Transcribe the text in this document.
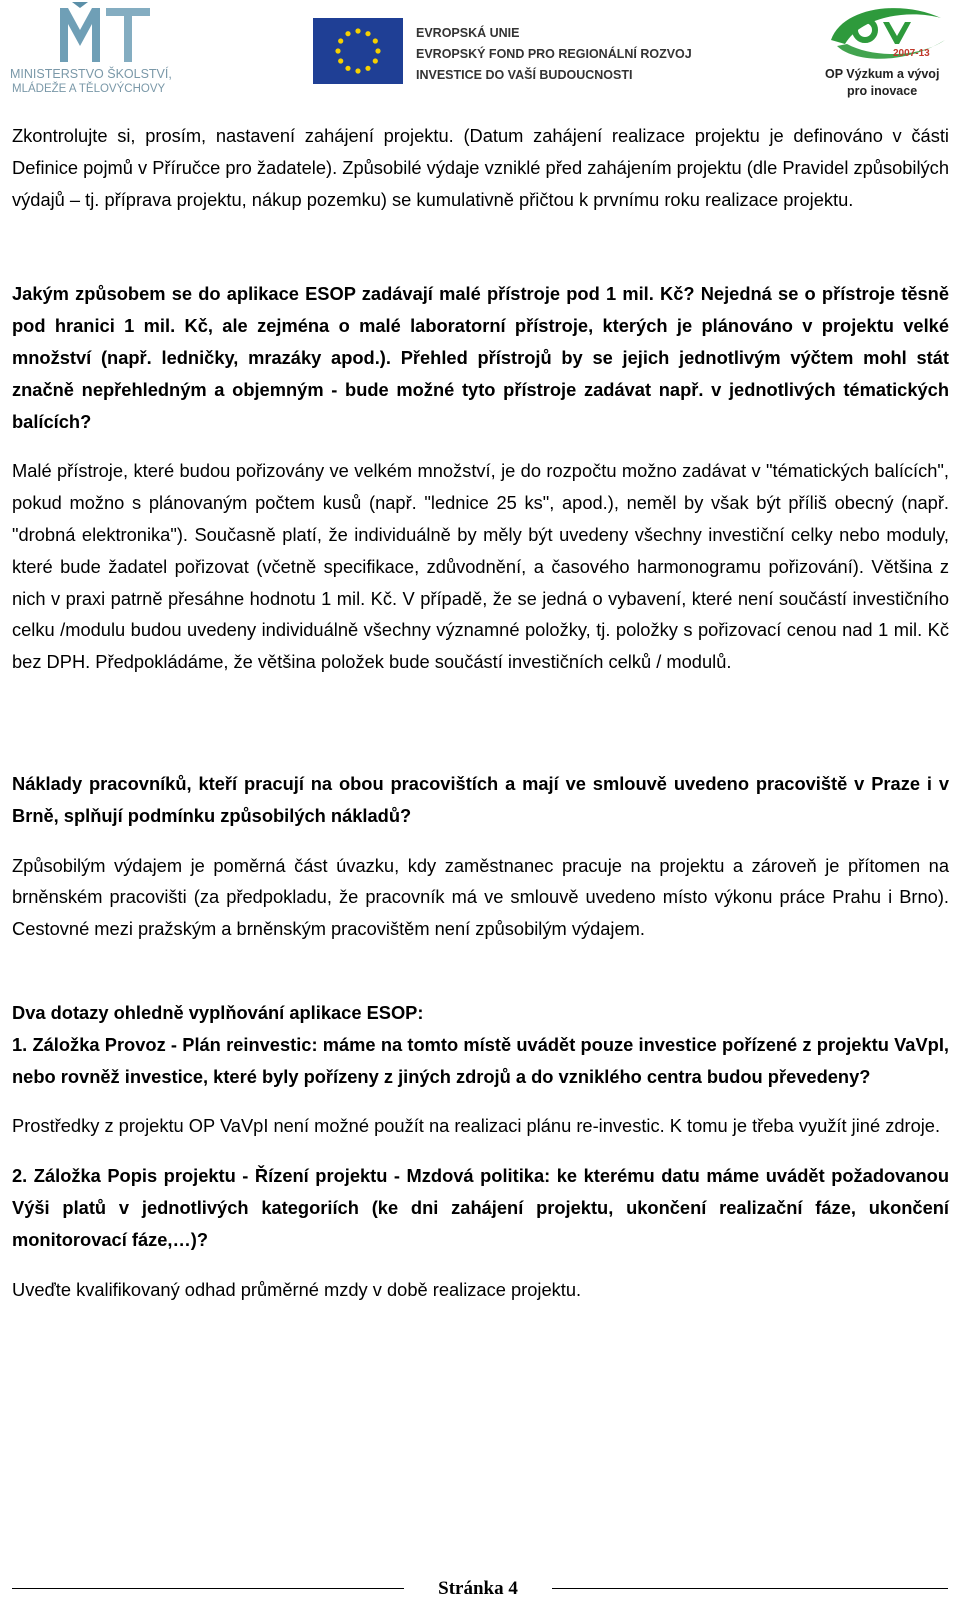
MINISTERSTVO ŠKOLSTVÍ,
MLÁDEŽE A TĚLOVÝCHOVY
EVROPSKÁ UNIE
EVROPSKÝ FOND PRO REGIONÁLNÍ ROZVOJ
INVESTICE DO VAŠÍ BUDOUCNOSTI
2007-13
OP Výzkum a vývoj
pro inovace

Zkontrolujte si, prosím, nastavení zahájení projektu. (Datum zahájení realizace projektu je definováno v části Definice pojmů v Příručce pro žadatele). Způsobilé výdaje vzniklé před zahájením projektu (dle Pravidel způsobilých výdajů – tj. příprava projektu, nákup pozemku) se kumulativně přičtou k prvnímu roku realizace projektu.

Jakým způsobem se do aplikace ESOP zadávají malé přístroje pod 1 mil. Kč? Nejedná se o přístroje těsně pod hranici 1 mil. Kč, ale zejména o malé laboratorní přístroje, kterých je plánováno v projektu velké množství (např. ledničky, mrazáky apod.). Přehled přístrojů by se jejich jednotlivým výčtem mohl stát značně nepřehledným a objemným - bude možné tyto přístroje zadávat např. v jednotlivých tématických balících?

Malé přístroje, které budou pořizovány ve velkém množství, je do rozpočtu možno zadávat v "tématických balících", pokud možno s plánovaným počtem kusů (např. "lednice 25 ks", apod.), neměl by však být příliš obecný (např. "drobná elektronika"). Současně platí, že individuálně by měly být uvedeny všechny investiční celky nebo moduly, které bude žadatel pořizovat (včetně specifikace, zdůvodnění, a časového harmonogramu pořizování). Většina z nich v praxi patrně přesáhne hodnotu 1 mil. Kč. V případě, že se jedná o vybavení, které není součástí investičního celku /modulu budou uvedeny individuálně všechny významné položky, tj. položky s pořizovací cenou nad 1 mil. Kč bez DPH. Předpokládáme, že většina položek bude součástí investičních celků / modulů.

Náklady pracovníků, kteří pracují na obou pracovištích a mají ve smlouvě uvedeno pracoviště v Praze i v Brně, splňují podmínku způsobilých nákladů?

Způsobilým výdajem je poměrná část úvazku, kdy zaměstnanec pracuje na projektu a zároveň je přítomen na brněnském pracovišti (za předpokladu, že pracovník má ve smlouvě uvedeno místo výkonu práce Prahu i Brno). Cestovné mezi pražským a brněnským pracovištěm není způsobilým výdajem.

Dva dotazy ohledně vyplňování aplikace ESOP:

1. Záložka Provoz - Plán reinvestic: máme na tomto místě uvádět pouze investice pořízené z projektu VaVpI, nebo rovněž investice, které byly pořízeny z jiných zdrojů a do vzniklého centra budou převedeny?

Prostředky z projektu OP VaVpI není možné použít na realizaci plánu re-investic. K tomu je třeba využít jiné zdroje.

2. Záložka Popis projektu - Řízení projektu - Mzdová politika: ke kterému datu máme uvádět požadovanou Výši platů v jednotlivých kategoriích (ke dni zahájení projektu, ukončení realizační fáze, ukončení monitorovací fáze,…)?

Uveďte kvalifikovaný odhad průměrné mzdy v době realizace projektu.

Stránka 4
